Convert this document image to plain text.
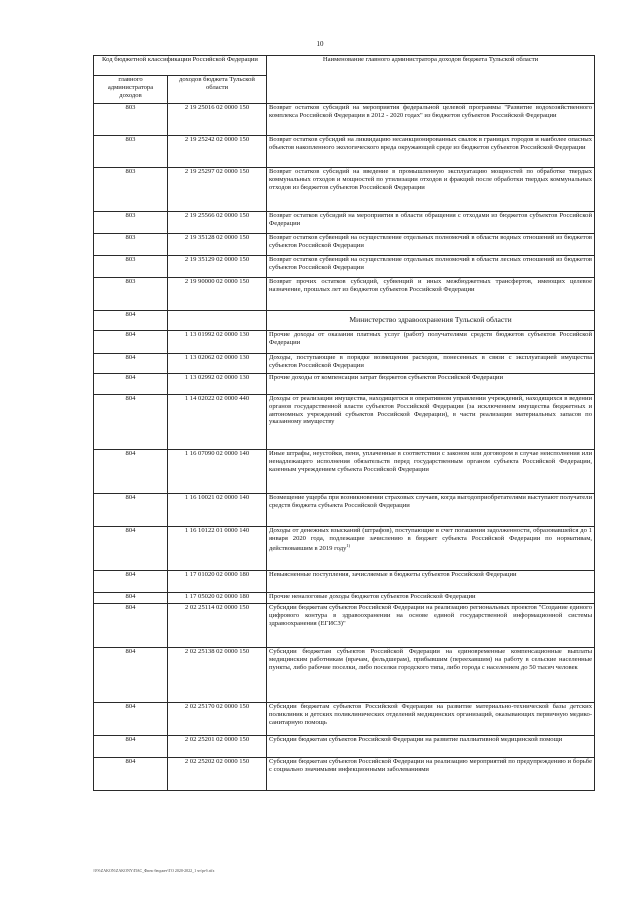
10
Код бюджетной классификации Российской Федерации		Наименование главного администратора доходов бюджета Тульской области
главного администратора доходов	доходов бюджета Тульской области	
803	2 19 25016 02 0000 150	Возврат остатков субсидий на мероприятия федеральной целевой программы "Развитие водохозяйственного комплекса Российской Федерации в 2012 - 2020 годах" из бюджетов субъектов Российской Федерации
803	2 19 25242 02 0000 150	Возврат остатков субсидий на ликвидацию несанкционированных свалок в границах городов и наиболее опасных объектов накопленного экологического вреда окружающей среде из бюджетов субъектов Российской Федерации
803	2 19 25297 02 0000 150	Возврат остатков субсидий на введение в промышленную эксплуатацию мощностей по обработке твердых коммунальных отходов и мощностей по утилизации отходов и фракций после обработки твердых коммунальных отходов из бюджетов субъектов Российской Федерации
803	2 19 25566 02 0000 150	Возврат остатков субсидий на мероприятия в области обращения с отходами из бюджетов субъектов Российской Федерации
803	2 19 35128 02 0000 150	Возврат остатков субвенций на осуществление отдельных полномочий в области водных отношений из бюджетов субъектов Российской Федерации
803	2 19 35129 02 0000 150	Возврат остатков субвенций на осуществление отдельных полномочий в области лесных отношений из бюджетов субъектов Российской Федерации
803	2 19 90000 02 0000 150	Возврат прочих остатков субсидий, субвенций и иных межбюджетных трансфертов, имеющих целевое назначение, прошлых лет из бюджетов субъектов Российской Федерации
804		Министерство здравоохранения Тульской области
804	1 13 01992 02 0000 130	Прочие доходы от оказания платных услуг (работ) получателями средств бюджетов субъектов Российской Федерации
804	1 13 02062 02 0000 130	Доходы, поступающие в порядке возмещения расходов, понесенных в связи с эксплуатацией имущества субъектов Российской Федерации
804	1 13 02992 02 0000 130	Прочие доходы от компенсации затрат бюджетов субъектов Российской Федерации
804	1 14 02022 02 0000 440	Доходы от реализации имущества, находящегося в оперативном управлении учреждений, находящихся в ведении органов государственной власти субъектов Российской Федерации (за исключением имущества бюджетных и автономных учреждений субъектов Российской Федерации), в части реализации материальных запасов по указанному имуществу
804	1 16 07090 02 0000 140	Иные штрафы, неустойки, пени, уплаченные в соответствии с законом или договором в случае неисполнения или ненадлежащего исполнения обязательств перед государственным органом субъекта Российской Федерации, казенным учреждением субъекта Российской Федерации
804	1 16 10021 02 0000 140	Возмещение ущерба при возникновении страховых случаев, когда выгодоприобретателями выступают получатели средств бюджета субъекта Российской Федерации
804	1 16 10122 01 0000 140	Доходы от денежных взысканий (штрафов), поступающие в счет погашения задолженности, образовавшейся до 1 января 2020 года, подлежащие зачислению в бюджет субъекта Российской Федерации по нормативам, действовавшим в 2019 году$^{1)}$
804	1 17 01020 02 0000 180	Невыясненные поступления, зачисляемые в бюджеты субъектов Российской Федерации
804	1 17 05020 02 0000 180	Прочие неналоговые доходы бюджетов субъектов Российской Федерации
804	2 02 25114 02 0000 150	Субсидии бюджетам субъектов Российской Федерации на реализацию региональных проектов "Создание единого цифрового контура в здравоохранении на основе единой государственной информационной системы здравоохранения (ЕГИСЗ)"
804	2 02 25138 02 0000 150	Субсидии бюджетам субъектов Российской Федерации на единовременные компенсационные выплаты медицинским работникам (врачам, фельдшерам), прибывшим (переехавшим) на работу в сельские населенные пункты, либо рабочие поселки, либо поселки городского типа, либо города с населением до 50 тысяч человек
804	2 02 25170 02 0000 150	Субсидии бюджетам субъектов Российской Федерации на развитие материально-технической базы детских поликлиник и детских поликлинических отделений медицинских организаций, оказывающих первичную медико-санитарную помощь
804	2 02 25201 02 0000 150	Субсидии бюджетам субъектов Российской Федерации на развитие паллиативной медицинской помощи
804	2 02 25202 02 0000 150	Субсидии бюджетам субъектов Российской Федерации на реализацию мероприятий по предупреждению и борьбе с социально значимыми инфекционными заболеваниями
\\FS\ZAKON\ZAKONY\ПАС_Финс бюджет\ТО 2020-2022_1 чт\ргб.rtfx
